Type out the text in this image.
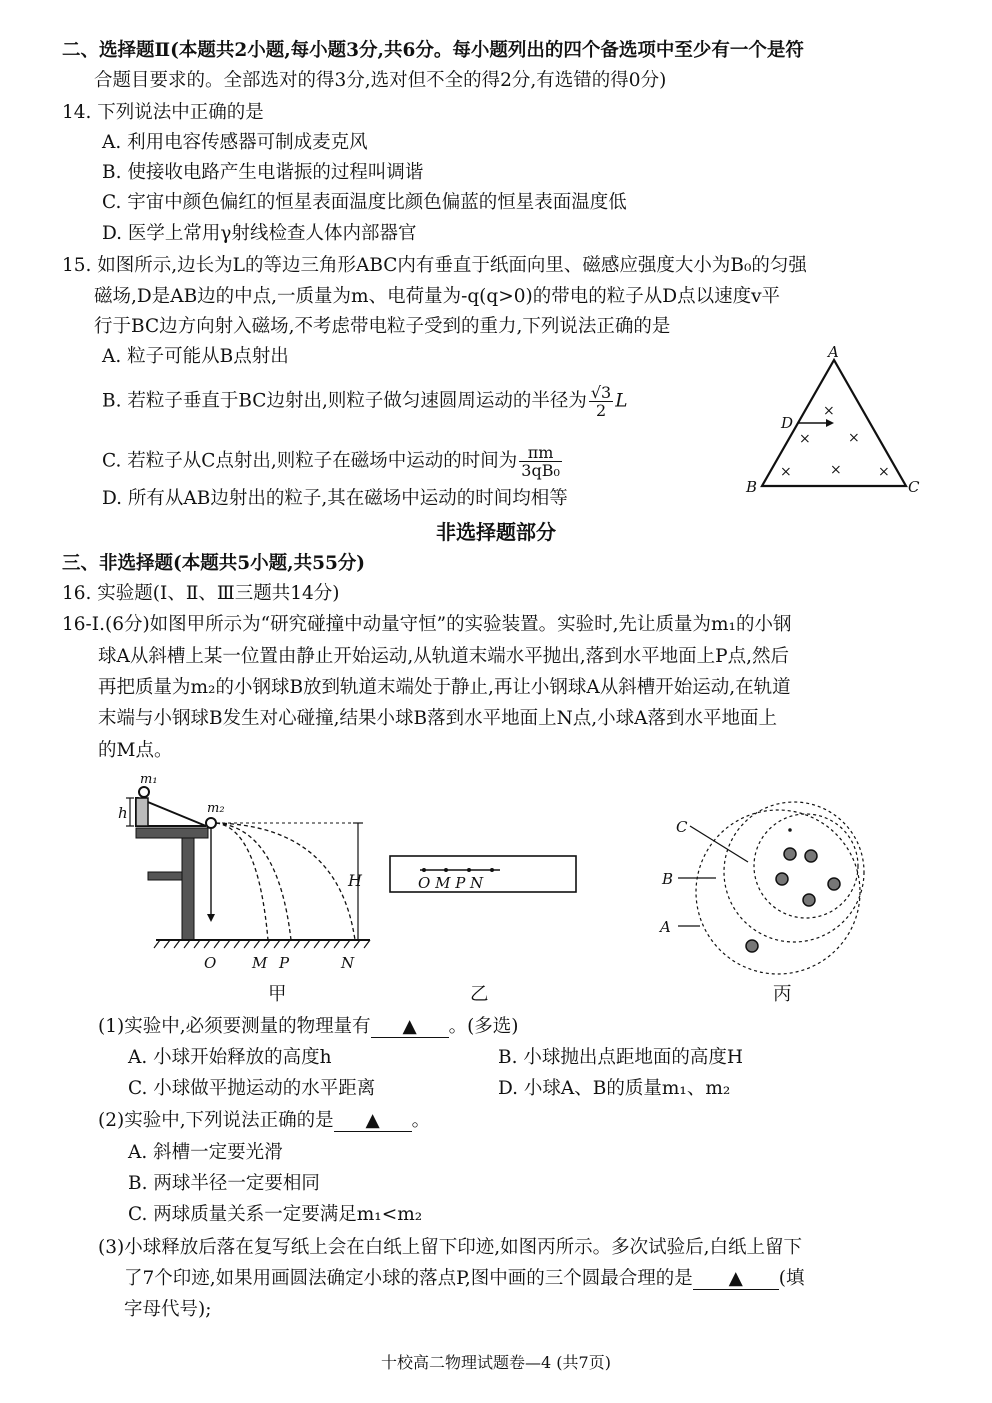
二、选择题Ⅱ(本题共2小题,每小题3分,共6分。每小题列出的四个备选项中至少有一个是符
合题目要求的。全部选对的得3分,选对但不全的得2分,有选错的得0分)
14. 下列说法中正确的是
A. 利用电容传感器可制成麦克风
B. 使接收电路产生电谐振的过程叫调谐
C. 宇宙中颜色偏红的恒星表面温度比颜色偏蓝的恒星表面温度低
D. 医学上常用γ射线检查人体内部器官
15. 如图所示,边长为L的等边三角形ABC内有垂直于纸面向里、磁感应强度大小为B₀的匀强
磁场,D是AB边的中点,一质量为m、电荷量为-q(q>0)的带电的粒子从D点以速度v平
行于BC边方向射入磁场,不考虑带电粒子受到的重力,下列说法正确的是
A. 粒子可能从B点射出
B. 若粒子垂直于BC边射出,则粒子做匀速圆周运动的半径为 $\frac{√3}{2}$ L
C. 若粒子从C点射出,则粒子在磁场中运动的时间为 $\frac{\pi m}{\text{3qB₀}}$
D. 所有从AB边射出的粒子,其在磁场中运动的时间均相等
A
B	C
D
×
×	×
×	×	×
非选择题部分
三、非选择题(本题共5小题,共55分)
16. 实验题(Ⅰ、Ⅱ、Ⅲ三题共14分)
16-Ⅰ.(6分)如图甲所示为“研究碰撞中动量守恒”的实验装置。实验时,先让质量为m₁的小钢
球A从斜槽上某一位置由静止开始运动,从轨道末端水平抛出,落到水平地面上P点,然后
再把质量为m₂的小钢球B放到轨道末端处于静止,再让小钢球A从斜槽开始运动,在轨道
末端与小钢球B发生对心碰撞,结果小球B落到水平地面上N点,小球A落到水平地面上
的M点。
m₁
m₂
h
H
O M P	N
甲
O M P N
乙
C
B
A
丙
(1)实验中,必须要测量的物理量有 ▲ 。(多选)
A. 小球开始释放的高度h	B. 小球抛出点距地面的高度H
C. 小球做平抛运动的水平距离	D. 小球A、B的质量m₁、m₂
(2)实验中,下列说法正确的是 ▲ 。
A. 斜槽一定要光滑
B. 两球半径一定要相同
C. 两球质量关系一定要满足m₁<m₂
(3)小球释放后落在复写纸上会在白纸上留下印迹,如图丙所示。多次试验后,白纸上留下
了7个印迹,如果用画圆法确定小球的落点P,图中画的三个圆最合理的是 ▲ (填
字母代号);
十校高二物理试题卷—4 (共7页)
